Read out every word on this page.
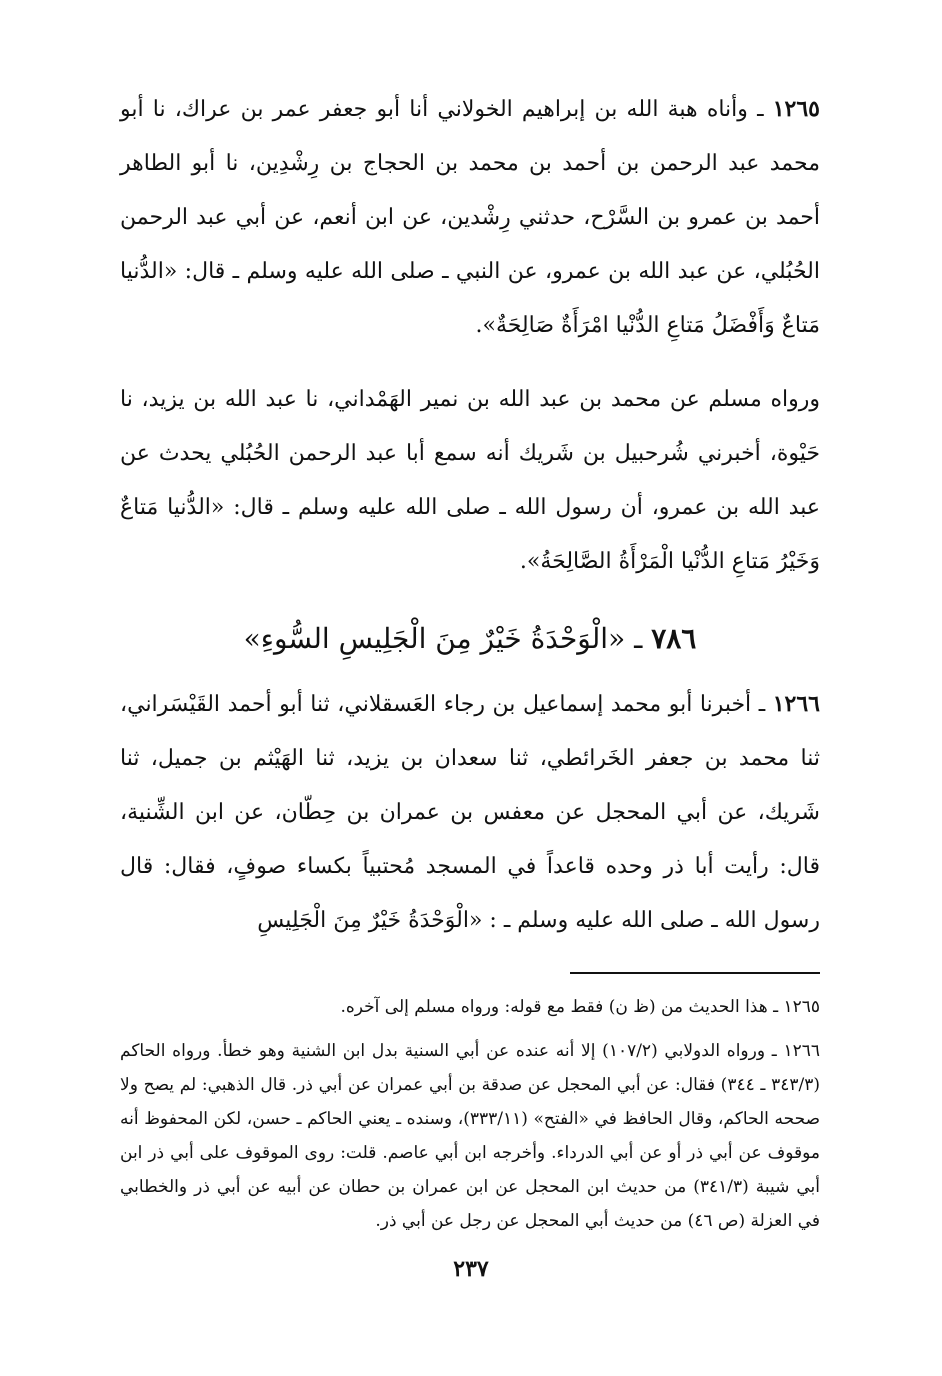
١٢٦٥ ـ وأناه هبة الله بن إبراهيم الخولاني أنا أبو جعفر عمر بن عراك، نا أبو محمد عبد الرحمن بن أحمد بن محمد بن الحجاج بن رِشْدِين، نا أبو الطاهر أحمد بن عمرو بن السَّرْح، حدثني رِشْدين، عن ابن أنعم، عن أبي عبد الرحمن الحُبُلي، عن عبد الله بن عمرو، عن النبي ـ صلى الله عليه وسلم ـ قال: «الدُّنيا مَتاعٌ وَأَفْضَلُ مَتاعِ الدُّنْيا امْرَأَةٌ صَالِحَةٌ».

ورواه مسلم عن محمد بن عبد الله بن نمير الهَمْداني، نا عبد الله بن يزيد، نا حَيْوة، أخبرني شُرحبيل بن شَريك أنه سمع أبا عبد الرحمن الحُبُلي يحدث عن عبد الله بن عمرو، أن رسول الله ـ صلى الله عليه وسلم ـ قال: «الدُّنيا مَتاعٌ وَخَيْرُ مَتاعِ الدُّنْيا الْمَرْأَةُ الصَّالِحَةُ».

٧٨٦ ـ «الْوَحْدَةُ خَيْرٌ مِنَ الْجَلِيسِ السُّوءِ»

١٢٦٦ ـ أخبرنا أبو محمد إسماعيل بن رجاء العَسقلاني، ثنا أبو أحمد القَيْسَراني، ثنا محمد بن جعفر الخَرائطي، ثنا سعدان بن يزيد، ثنا الهَيْثم بن جميل، ثنا شَريك، عن أبي المحجل عن معفس بن عمران بن حِطّان، عن ابن الشِّنية، قال: رأيت أبا ذر وحده قاعداً في المسجد مُحتبياً بكساء صوفٍ، فقال: قال رسول الله ـ صلى الله عليه وسلم ـ : «الْوَحْدَةُ خَيْرٌ مِنَ الْجَلِيسِ

١٢٦٥ ـ هذا الحديث من (ظ ن) فقط مع قوله: ورواه مسلم إلى آخره.

١٢٦٦ ـ ورواه الدولابي (١٠٧/٢) إلا أنه عنده عن أبي السنية بدل ابن الشنية وهو خطأ. ورواه الحاكم (٣٤٣/٣ ـ ٣٤٤) فقال: عن أبي المحجل عن صدقة بن أبي عمران عن أبي ذر. قال الذهبي: لم يصح ولا صححه الحاكم، وقال الحافظ في «الفتح» (٣٣٣/١١)، وسنده ـ يعني الحاكم ـ حسن، لكن المحفوظ أنه موقوف عن أبي ذر أو عن أبي الدرداء. وأخرجه ابن أبي عاصم. قلت: روى الموقوف على أبي ذر ابن أبي شيبة (٣٤١/٣) من حديث ابن المحجل عن ابن عمران بن حطان عن أبيه عن أبي ذر والخطابي في العزلة (ص ٤٦) من حديث أبي المحجل عن رجل عن أبي ذر.

٢٣٧
